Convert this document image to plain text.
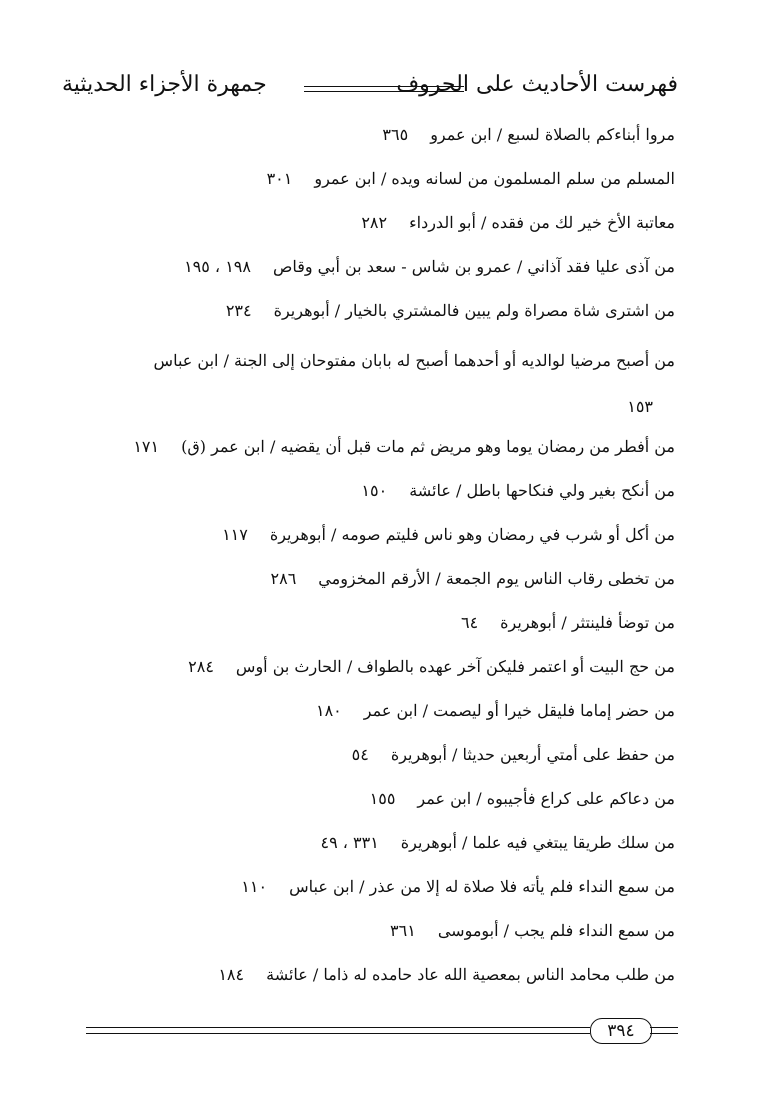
فهرست الأحاديث على الحروف
جمهرة الأجزاء الحديثية
مروا أبناءكم بالصلاة لسبع / ابن عمرو٣٦٥
المسلم من سلم المسلمون من لسانه ويده / ابن عمرو٣٠١
معاتبة الأخ خير لك من فقده / أبو الدرداء٢٨٢
من آذى عليا فقد آذاني / عمرو بن شاس - سعد بن أبي وقاص١٩٨ ، ١٩٥
من اشترى شاة مصراة ولم يبين فالمشتري بالخيار / أبوهريرة٢٣٤
من أصبح مرضيا لوالديه أو أحدهما أصبح له بابان مفتوحان إلى الجنة / ابن عباس
١٥٣
من أفطر من رمضان يوما وهو مريض ثم مات قبل أن يقضيه / ابن عمر (ق)١٧١
من أنكح بغير ولي فنكاحها باطل / عائشة١٥٠
من أكل أو شرب في رمضان وهو ناس فليتم صومه / أبوهريرة١١٧
من تخطى رقاب الناس يوم الجمعة / الأرقم المخزومي٢٨٦
من توضأ فلينتثر / أبوهريرة٦٤
من حج البيت أو اعتمر فليكن آخر عهده بالطواف / الحارث بن أوس٢٨٤
من حضر إماما فليقل خيرا أو ليصمت / ابن عمر١٨٠
من حفظ على أمتي أربعين حديثا / أبوهريرة٥٤
من دعاكم على كراع فأجيبوه / ابن عمر١٥٥
من سلك طريقا يبتغي فيه علما / أبوهريرة٣٣١ ، ٤٩
من سمع النداء فلم يأته فلا صلاة له إلا من عذر / ابن عباس١١٠
من سمع النداء فلم يجب / أبوموسى٣٦١
من طلب محامد الناس بمعصية الله عاد حامده له ذاما / عائشة١٨٤
٣٩٤
